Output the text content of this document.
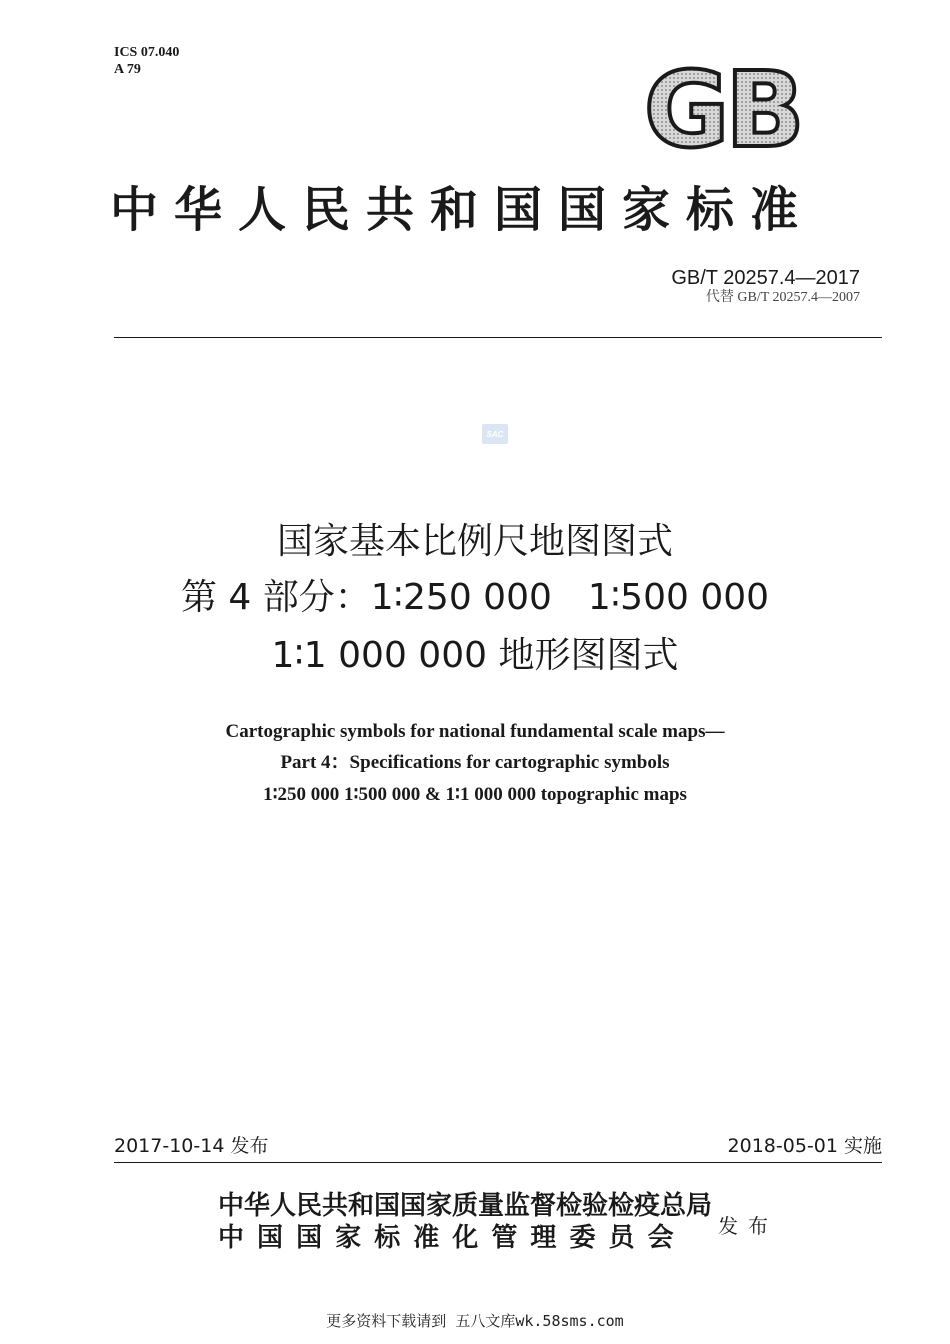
ICS 07.040
A 79	GB
中华人民共和国国家标准
GB/T 20257.4—2017
代替 GB/T 20257.4—2007
SAC
国家基本比例尺地图图式
第 4 部分：1∶250 000　1∶500 000
1∶1 000 000 地形图图式
Cartographic symbols for national fundamental scale maps—
Part 4：Specifications for cartographic symbols
1∶250 000 1∶500 000 & 1∶1 000 000 topographic maps
2017-10-14 发布	2018-05-01 实施
中华人民共和国国家质量监督检验检疫总局
中 国 国 家 标 准 化 管 理 委 员 会 发布
更多资料下载请到 五八文库wk.58sms.com
